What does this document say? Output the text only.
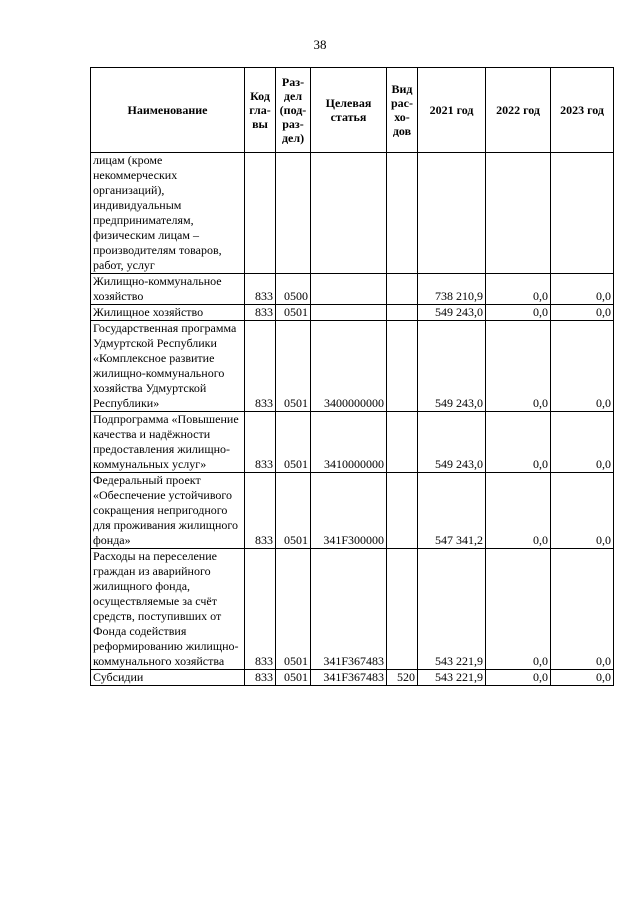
38
Наименование	Код гла- вы	Раз- дел (под- раз- дел)	Целевая статья	Вид рас- хо- дов	2021 год	2022 год	2023 год
лицам (кроме некоммерческих организаций), индивидуальным предпринимателям, физическим лицам – производителям товаров, работ, услуг							
Жилищно-коммунальное хозяйство	833	0500			738 210,9	0,0	0,0
Жилищное хозяйство	833	0501			549 243,0	0,0	0,0
Государственная программа Удмуртской Республики «Комплексное развитие жилищно-коммунального хозяйства Удмуртской Республики»	833	0501	3400000000		549 243,0	0,0	0,0
Подпрограмма «Повышение качества и надёжности предоставления жилищно-коммунальных услуг»	833	0501	3410000000		549 243,0	0,0	0,0
Федеральный проект «Обеспечение устойчивого сокращения непригодного для проживания жилищного фонда»	833	0501	341F300000		547 341,2	0,0	0,0
Расходы на переселение граждан из аварийного жилищного фонда, осуществляемые за счёт средств, поступивших от Фонда содействия реформированию жилищно-коммунального хозяйства	833	0501	341F367483		543 221,9	0,0	0,0
Субсидии	833	0501	341F367483	520	543 221,9	0,0	0,0
